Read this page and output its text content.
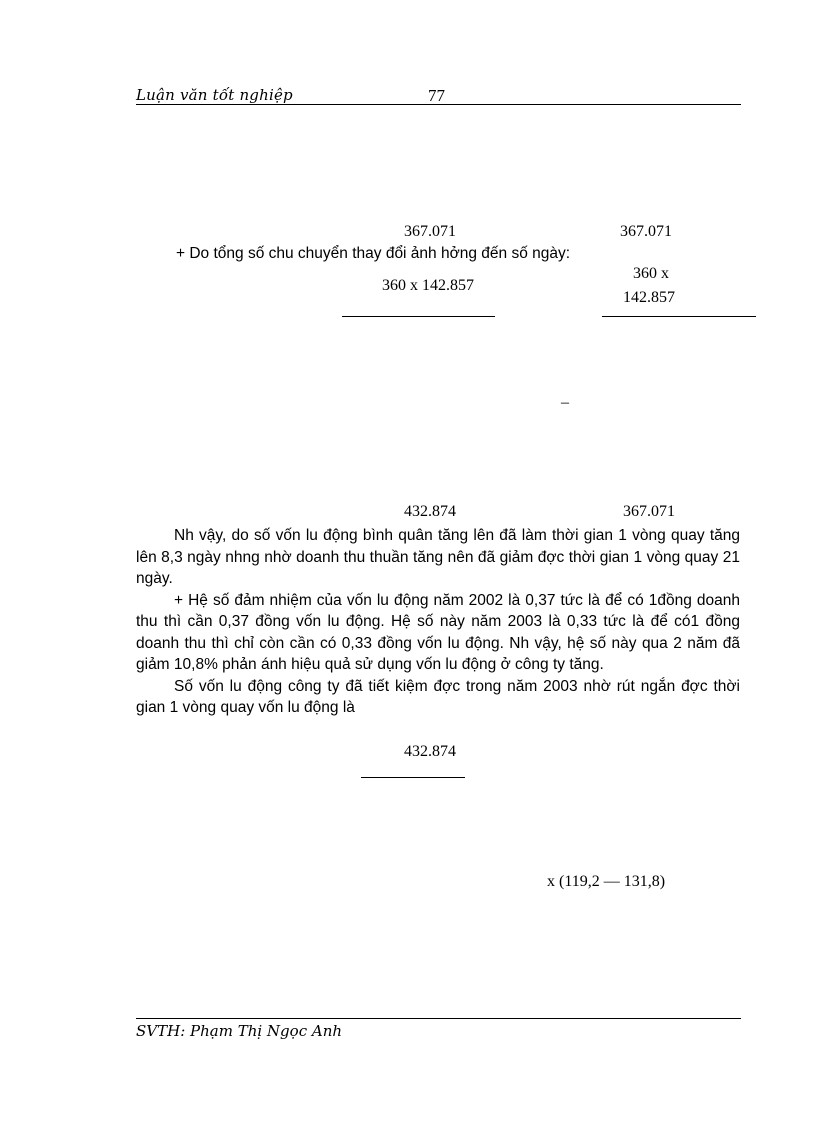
Luận văn tốt nghiệp	77
367.071	367.071
+ Do tổng số chu chuyển thay đổi ảnh hởng đến số ngày:
360 x 142.857
360 x
142.857
–
432.874	367.071

Nh vậy, do số vốn lu động bình quân tăng lên đã làm thời gian 1 vòng quay tăng lên 8,3 ngày nhng nhờ doanh thu thuần tăng nên đã giảm đợc thời gian 1 vòng quay 21 ngày.

+ Hệ số đảm nhiệm của vốn lu động năm 2002 là 0,37 tức là để có 1đồng doanh thu thì cần 0,37 đồng vốn lu động. Hệ số này năm 2003 là 0,33 tức là để có1 đồng doanh thu thì chỉ còn cần có 0,33 đồng vốn lu động. Nh vậy, hệ số này qua 2 năm đã giảm 10,8% phản ánh hiệu quả sử dụng vốn lu động ở công ty tăng.

Số vốn lu động công ty đã tiết kiệm đợc trong năm 2003 nhờ rút ngắn đợc thời gian 1 vòng quay vốn lu động là

432.874
x (119,2 — 131,8)
SVTH: Phạm Thị Ngọc Anh
